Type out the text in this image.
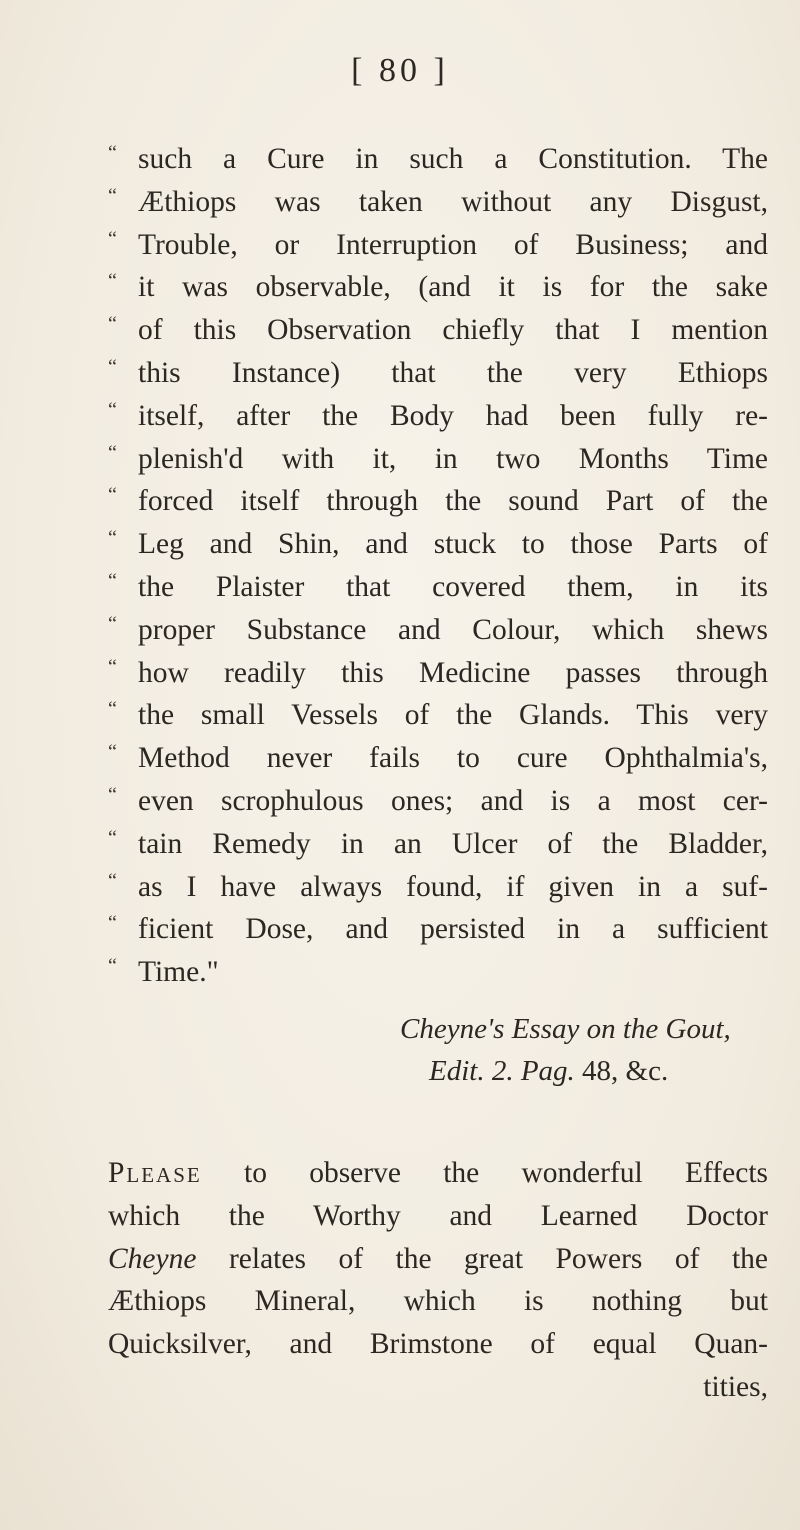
[ 80 ]
“ such a Cure in such a Constitution. The
“ Æthiops was taken without any Disgust,
“ Trouble, or Interruption of Business; and
“ it was observable, (and it is for the sake
“ of this Observation chiefly that I mention
“ this Instance) that the very Ethiops
“ itself, after the Body had been fully re-
“ plenish'd with it, in two Months Time
“ forced itself through the sound Part of the
“ Leg and Shin, and stuck to those Parts of
“ the Plaister that covered them, in its
“ proper Substance and Colour, which shews
“ how readily this Medicine passes through
“ the small Vessels of the Glands. This very
“ Method never fails to cure Ophthalmia's,
“ even scrophulous ones; and is a most cer-
“ tain Remedy in an Ulcer of the Bladder,
“ as I have always found, if given in a suf-
“ ficient Dose, and persisted in a sufficient
“ Time."
Cheyne's Essay on the Gout,
Edit. 2. Pag. 48, &c.
Please to observe the wonderful Effects
which the Worthy and Learned Doctor
Cheyne relates of the great Powers of the
Æthiops Mineral, which is nothing but
Quicksilver, and Brimstone of equal Quan-
tities,
